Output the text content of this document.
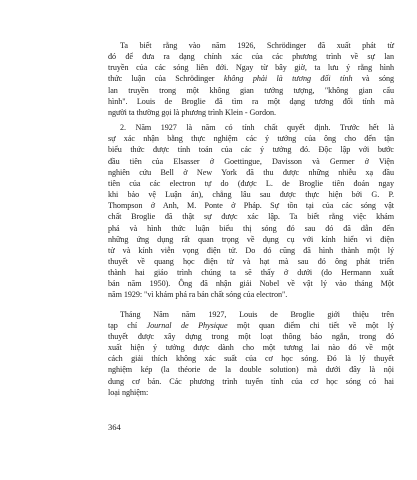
Ta biết rằng vào năm 1926, Schrödinger đã xuất phát từ
đó để đưa ra dạng chính xác của các phương trình về sự lan
truyền của các sóng liên đới. Ngay từ bây giờ, ta lưu ý rằng hình
thức luận của Schrödinger không phải là tương đối tính và sóng
lan truyền trong một không gian tưởng tượng, "không gian cấu
hình". Louis de Broglie đã tìm ra một dạng tương đối tính mà
người ta thường gọi là phương trình Klein - Gordon.

2. Năm 1927 là năm có tính chất quyết định. Trước hết là
sự xác nhận bằng thực nghiệm các ý tưởng của ông cho đến tận
biểu thức được tính toán của các ý tưởng đó. Độc lập với bước
đầu tiên của Elsasser ở Goettingue, Davisson và Germer ở Viện
nghiên cứu Bell ở New York đã thu được những nhiễu xạ đầu
tiên của các electron tự do (được L. de Broglie tiên đoán ngay
khi bảo vệ Luận án), chẳng lâu sau được thực hiện bởi G. P.
Thompson ở Anh, M. Ponte ở Pháp. Sự tồn tại của các sóng vật
chất Broglie đã thật sự được xác lập. Ta biết rằng việc khám
phá và hình thức luận biểu thị sóng đó sau đó đã dẫn đến
những ứng dụng rất quan trọng về dụng cụ với kính hiển vi điện
tử và kính viễn vọng điện tử. Do đó cũng đã hình thành một lý
thuyết về quang học điện tử và hạt mà sau đó ông phát triển
thành hai giáo trình chúng ta sẽ thấy ở dưới (do Hermann xuất
bản năm 1950). Ông đã nhận giải Nobel về vật lý vào tháng Một
năm 1929: "vì khám phá ra bản chất sóng của electron".

Tháng Năm năm 1927, Louis de Broglie giới thiệu trên
tạp chí Journal de Physique một quan điểm chi tiết về một lý
thuyết được xây dựng trong một loạt thông báo ngắn, trong đó
xuất hiện ý tưởng được dành cho một tương lai nào đó về một
cách giải thích không xác suất của cơ học sóng. Đó là lý thuyết
nghiệm kép (la théorie de la double solution) mà dưới đây là nội
dung cơ bản. Các phương trình tuyến tính của cơ học sóng có hai
loại nghiệm:

364
